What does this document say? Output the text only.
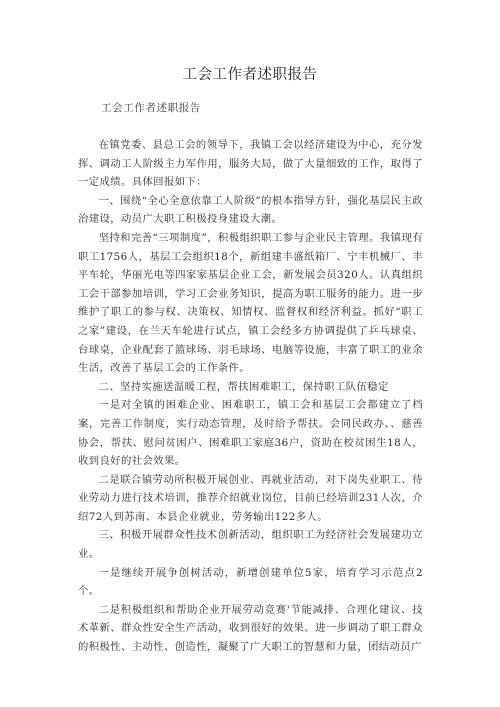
工会工作者述职报告
工会工作者述职报告

在镇党委、县总工会的领导下，我镇工会以经济建设为中心，充分发挥、调动工人阶级主力军作用，服务大局，做了大量细致的工作，取得了一定成绩。具体回报如下：

一、围绕“全心全意依靠工人阶级”的根本指导方针，强化基层民主政治建设，动员广大职工积极投身建设大潮。

坚持和完善“三项制度”，积极组织职工参与企业民主管理。我镇现有职工1756人，基层工会组织18个，新组建丰盛纸箱厂、宁丰机械厂、丰平车轮，华丽光电等四家家基层企业工会，新发展会员320人。认真组织工会干部参加培训，学习工会业务知识，提高为职工服务的能力。进一步维护了职工的参与权、决策权、知情权、监督权和经济利益。抓好“职工之家”建设，在兰天车轮进行试点，镇工会经多方协调提供了乒乓球桌、台球桌，企业配套了篮球场、羽毛球场、电脑等设施，丰富了职工的业余生活，改善了基层工会的工作条件。

二、坚持实施送温暖工程，帮扶困难职工，保持职工队伍稳定

一是对全镇的困难企业、困难职工，镇工会和基层工会都建立了档案，完善工作制度，实行动态管理，及时给予帮扶。会同民政办、、慈善协会，帮扶、慰问贫困户、困难职工家庭36户，资助在校贫困生18人，收到良好的社会效果。

二是联合镇劳动所积极开展创业、再就业活动，对下岗失业职工、待业劳动力进行技术培训，推荐介绍就业岗位，目前已经培训231人次，介绍72人到苏南、本县企业就业，劳务输出122多人。

三、积极开展群众性技术创新活动，组织职工为经济社会发展建功立业。

一是继续开展争创树活动，新增创建单位5家，培育学习示范点2个。

二是积极组织和帮助企业开展劳动竞赛'节能减排、合理化建议、技术革新、群众性安全生产活动，收到很好的效果。进一步调动了职工群众的积极性、主动性、创造性，凝聚了广大职工的智慧和力量，团结动员广
